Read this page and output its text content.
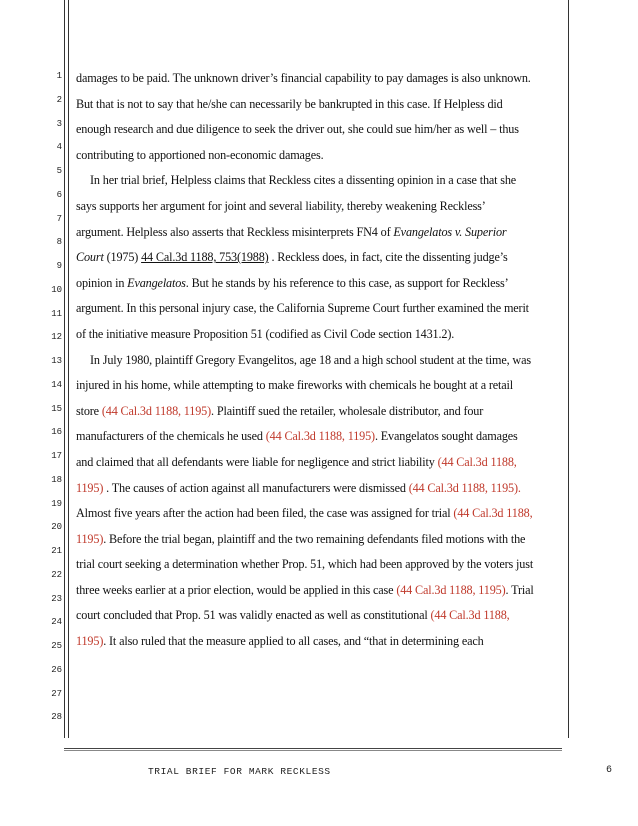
1
2
3
4
5
6
7
8
9
10
11
12
13
14
15
16
17
18
19
20
21
22
23
24
25
26
27
28
damages to be paid. The unknown driver’s financial capability to pay damages is also unknown.
But that is not to say that he/she can necessarily be bankrupted in this case. If Helpless did
enough research and due diligence to seek the driver out, she could sue him/her as well – thus
contributing to apportioned non-economic damages.
In her trial brief, Helpless claims that Reckless cites a dissenting opinion in a case that she
says supports her argument for joint and several liability, thereby weakening Reckless’
argument. Helpless also asserts that Reckless misinterprets FN4 of Evangelatos v. Superior
Court (1975) 44 Cal.3d 1188, 753(1988) . Reckless does, in fact, cite the dissenting judge’s
opinion in Evangelatos. But he stands by his reference to this case, as support for Reckless’
argument. In this personal injury case, the California Supreme Court further examined the merit
of the initiative measure Proposition 51 (codified as Civil Code section 1431.2).
In July 1980, plaintiff Gregory Evangelitos, age 18 and a high school student at the time, was
injured in his home, while attempting to make fireworks with chemicals he bought at a retail
store (44 Cal.3d 1188, 1195). Plaintiff sued the retailer, wholesale distributor, and four
manufacturers of the chemicals he used (44 Cal.3d 1188, 1195). Evangelatos sought damages
and claimed that all defendants were liable for negligence and strict liability (44 Cal.3d 1188,
1195) . The causes of action against all manufacturers were dismissed (44 Cal.3d 1188, 1195).
Almost five years after the action had been filed, the case was assigned for trial (44 Cal.3d 1188,
1195). Before the trial began, plaintiff and the two remaining defendants filed motions with the
trial court seeking a determination whether Prop. 51, which had been approved by the voters just
three weeks earlier at a prior election, would be applied in this case (44 Cal.3d 1188, 1195). Trial
court concluded that Prop. 51 was validly enacted as well as constitutional (44 Cal.3d 1188,
1195). It also ruled that the measure applied to all cases, and “that in determining each
TRIAL BRIEF FOR MARK RECKLESS	6
